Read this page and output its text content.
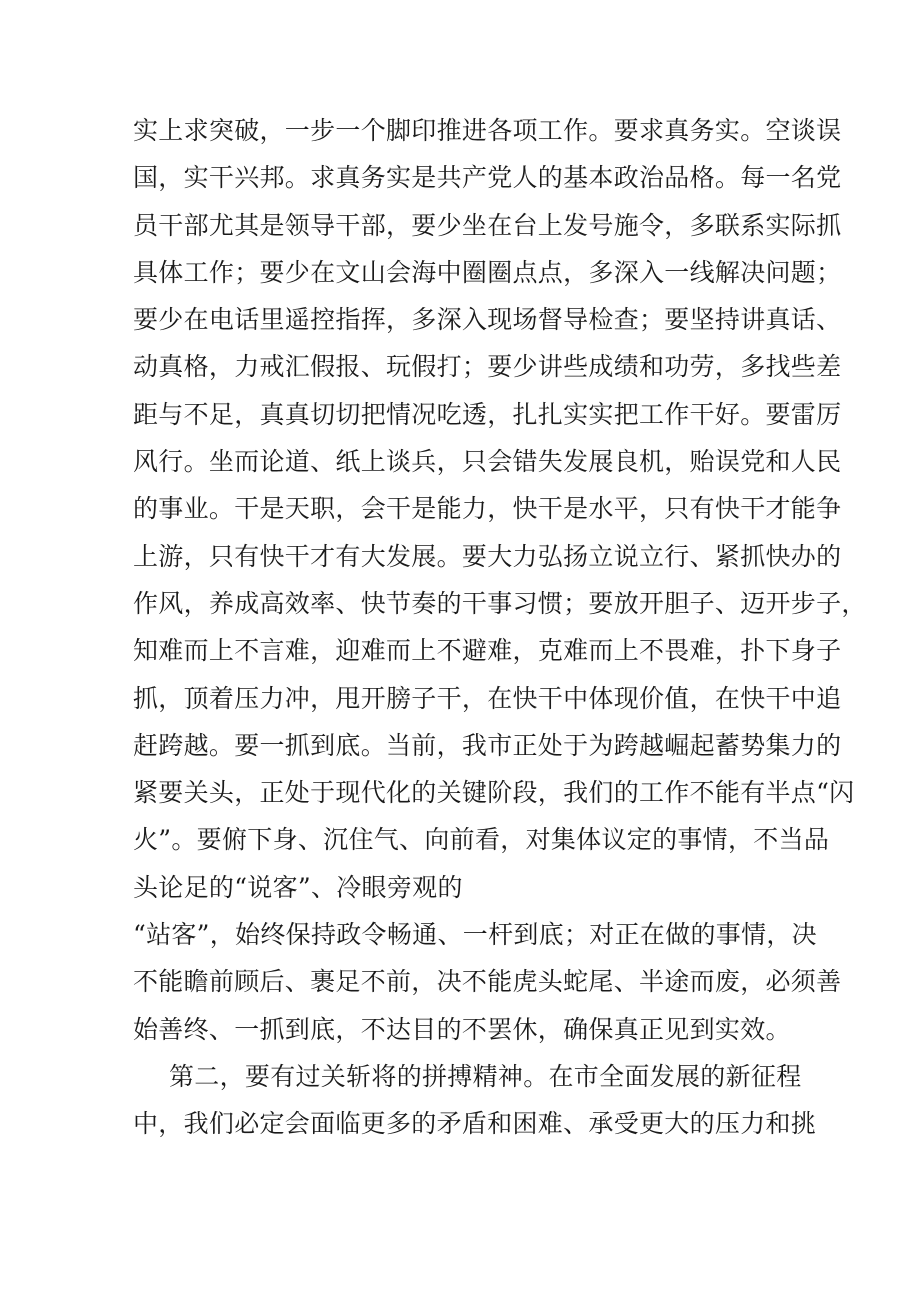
实上求突破，一步一个脚印推进各项工作。要求真务实。空谈误
国，实干兴邦。求真务实是共产党人的基本政治品格。每一名党
员干部尤其是领导干部，要少坐在台上发号施令，多联系实际抓
具体工作；要少在文山会海中圈圈点点，多深入一线解决问题；
要少在电话里遥控指挥，多深入现场督导检查；要坚持讲真话、
动真格，力戒汇假报、玩假打；要少讲些成绩和功劳，多找些差
距与不足，真真切切把情况吃透，扎扎实实把工作干好。要雷厉
风行。坐而论道、纸上谈兵，只会错失发展良机，贻误党和人民
的事业。干是天职，会干是能力，快干是水平，只有快干才能争
上游，只有快干才有大发展。要大力弘扬立说立行、紧抓快办的
作风，养成高效率、快节奏的干事习惯；要放开胆子、迈开步子，
知难而上不言难，迎难而上不避难，克难而上不畏难，扑下身子
抓，顶着压力冲，甩开膀子干，在快干中体现价值，在快干中追
赶跨越。要一抓到底。当前，我市正处于为跨越崛起蓄势集力的
紧要关头，正处于现代化的关键阶段，我们的工作不能有半点“闪
火”。要俯下身、沉住气、向前看，对集体议定的事情，不当品
头论足的“说客”、冷眼旁观的
“站客”，始终保持政令畅通、一杆到底；对正在做的事情，决
不能瞻前顾后、裹足不前，决不能虎头蛇尾、半途而废，必须善
始善终、一抓到底，不达目的不罢休，确保真正见到实效。
第二，要有过关斩将的拼搏精神。在市全面发展的新征程
中，我们必定会面临更多的矛盾和困难、承受更大的压力和挑
